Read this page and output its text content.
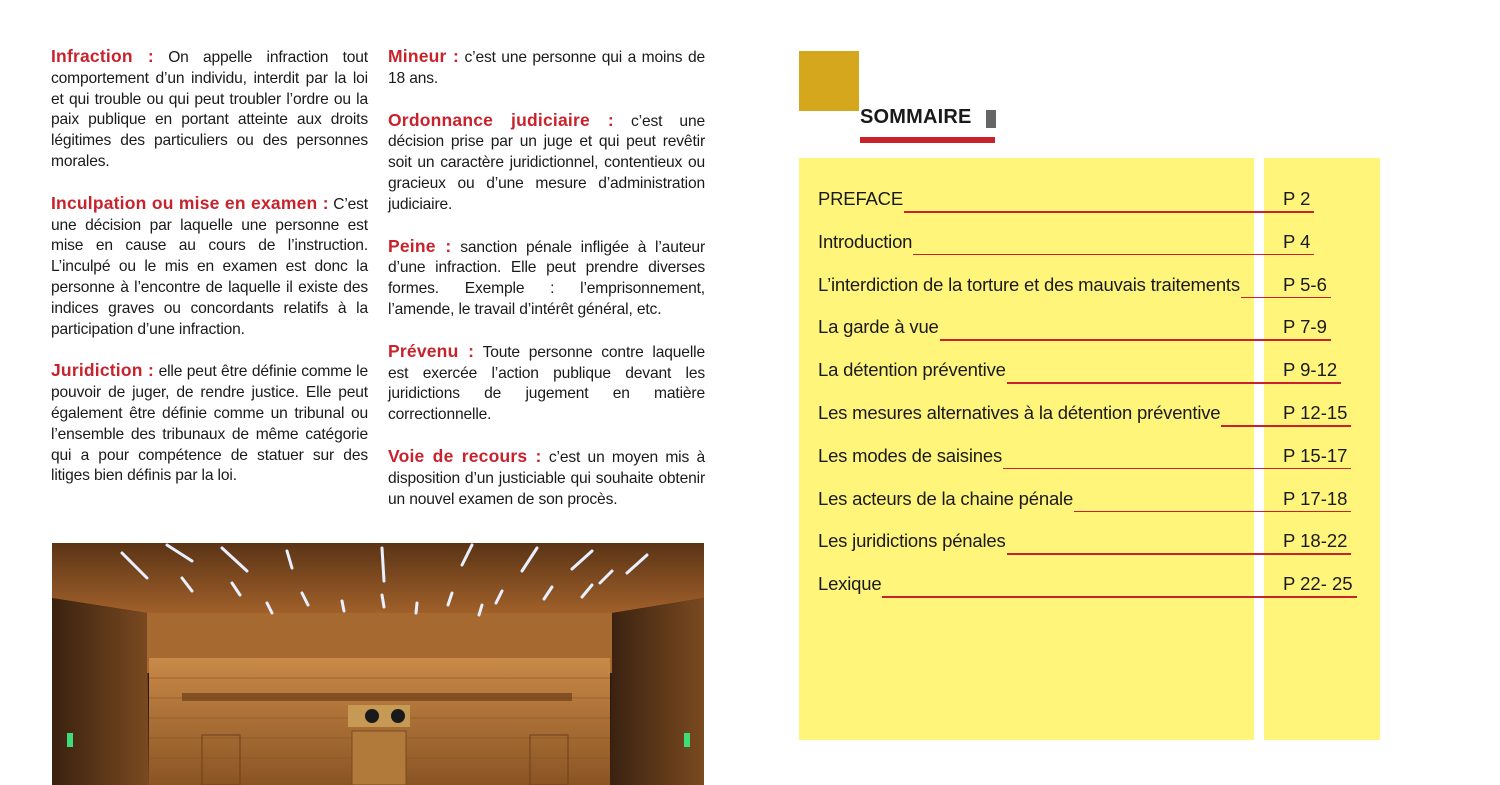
Infraction : On appelle infraction tout comportement d’un individu, interdit par la loi et qui trouble ou qui peut troubler l’ordre ou la paix publique en portant atteinte aux droits légitimes des particuliers ou des personnes morales.
Inculpation ou mise en examen : C’est une décision par laquelle une personne est mise en cause au cours de l’instruction. L’inculpé ou le mis en examen est donc la personne à l’encontre de laquelle il existe des indices graves ou concordants relatifs à la participation d’une infraction.
Juridiction : elle peut être définie comme le pouvoir de juger, de rendre justice. Elle peut également être définie comme un tribunal ou l’ensemble des tribunaux de même catégorie qui a pour compétence de statuer sur des litiges bien définis par la loi.
Mineur : c’est une personne qui a moins de 18 ans.
Ordonnance judiciaire : c’est une décision prise par un juge et qui peut revêtir soit un caractère juridictionnel, contentieux ou gracieux ou d’une mesure d’administration judiciaire.
Peine : sanction pénale infligée à l’auteur d’une infraction. Elle peut prendre diverses formes. Exemple : l’emprisonnement, l’amende, le travail d’intérêt général, etc.
Prévenu : Toute personne contre laquelle est exercée l’action publique devant les juridictions de jugement en matière correctionnelle.
Voie de recours : c’est un moyen mis à disposition d’un justiciable qui souhaite obtenir un nouvel examen de son procès.
SOMMAIRE
PREFACE	P 2
Introduction	P 4
L’interdiction de la torture et des mauvais traitements P 5-6
La garde à vue	P 7-9
La détention préventive	P 9-12
Les mesures alternatives à la détention préventive	P 12-15
Les modes de saisines	P 15-17
Les acteurs de la chaine pénale	P 17-18
Les juridictions pénales	P 18-22
Lexique	P 22- 25
